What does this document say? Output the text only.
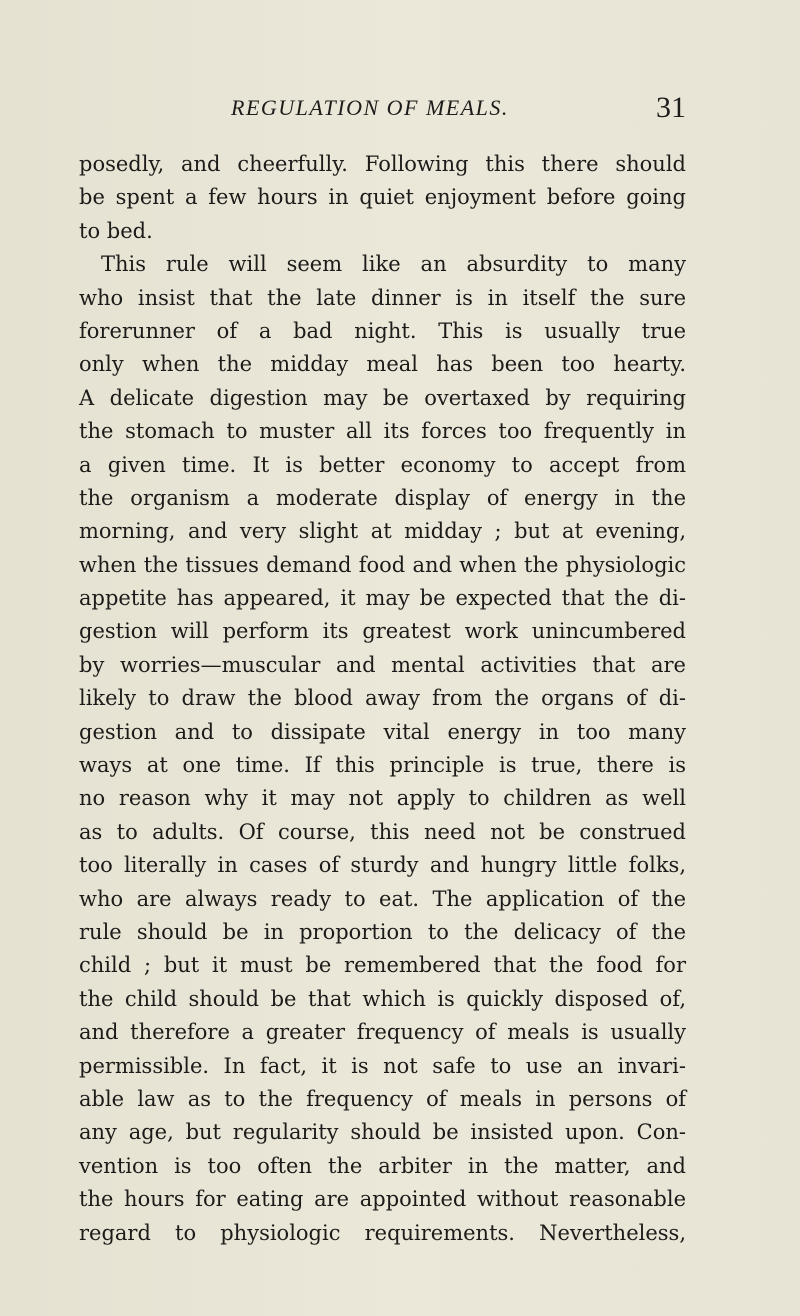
REGULATION OF MEALS.	31
posedly, and cheerfully. Following this there should
be spent a few hours in quiet enjoyment before going
to bed.
This rule will seem like an absurdity to many
who insist that the late dinner is in itself the sure
forerunner of a bad night. This is usually true
only when the midday meal has been too hearty.
A delicate digestion may be overtaxed by requiring
the stomach to muster all its forces too frequently in
a given time. It is better economy to accept from
the organism a moderate display of energy in the
morning, and very slight at midday ; but at evening,
when the tissues demand food and when the physiologic
appetite has appeared, it may be expected that the di-
gestion will perform its greatest work unincumbered
by worries—muscular and mental activities that are
likely to draw the blood away from the organs of di-
gestion and to dissipate vital energy in too many
ways at one time. If this principle is true, there is
no reason why it may not apply to children as well
as to adults. Of course, this need not be construed
too literally in cases of sturdy and hungry little folks,
who are always ready to eat. The application of the
rule should be in proportion to the delicacy of the
child ; but it must be remembered that the food for
the child should be that which is quickly disposed of,
and therefore a greater frequency of meals is usually
permissible. In fact, it is not safe to use an invari-
able law as to the frequency of meals in persons of
any age, but regularity should be insisted upon. Con-
vention is too often the arbiter in the matter, and
the hours for eating are appointed without reasonable
regard to physiologic requirements. Nevertheless,
